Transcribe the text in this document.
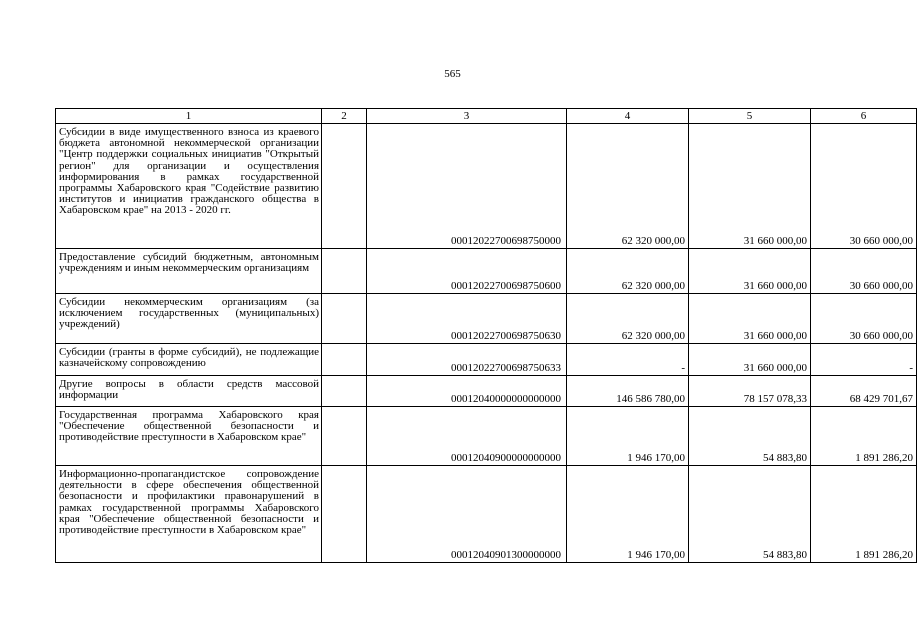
565
1	2	3	4	5	6
Субсидии в виде имущественного взноса из краевого бюджета автономной некоммерческой организации "Центр поддержки социальных инициатив "Открытый регион" для организации и осуществления информирования в рамках государственной программы Хабаровского края "Содействие развитию институтов и инициатив гражданского общества в Хабаровском крае" на 2013 - 2020 гг.		00012022700698750000	62 320 000,00	31 660 000,00	30 660 000,00
Предоставление субсидий бюджетным, автономным учреждениям и иным некоммерческим организациям		00012022700698750600	62 320 000,00	31 660 000,00	30 660 000,00
Субсидии некоммерческим организациям (за исключением государственных (муниципальных) учреждений)		00012022700698750630	62 320 000,00	31 660 000,00	30 660 000,00
Субсидии (гранты в форме субсидий), не подлежащие казначейскому сопровождению		00012022700698750633	-	31 660 000,00	-
Другие вопросы в области средств массовой информации		00012040000000000000	146 586 780,00	78 157 078,33	68 429 701,67
Государственная программа Хабаровского края "Обеспечение общественной безопасности и противодействие преступности в Хабаровском крае"		00012040900000000000	1 946 170,00	54 883,80	1 891 286,20
Информационно-пропагандистское сопровождение деятельности в сфере обеспечения общественной безопасности и профилактики правонарушений в рамках государственной программы Хабаровского края "Обеспечение общественной безопасности и противодействие преступности в Хабаровском крае"		00012040901300000000	1 946 170,00	54 883,80	1 891 286,20
